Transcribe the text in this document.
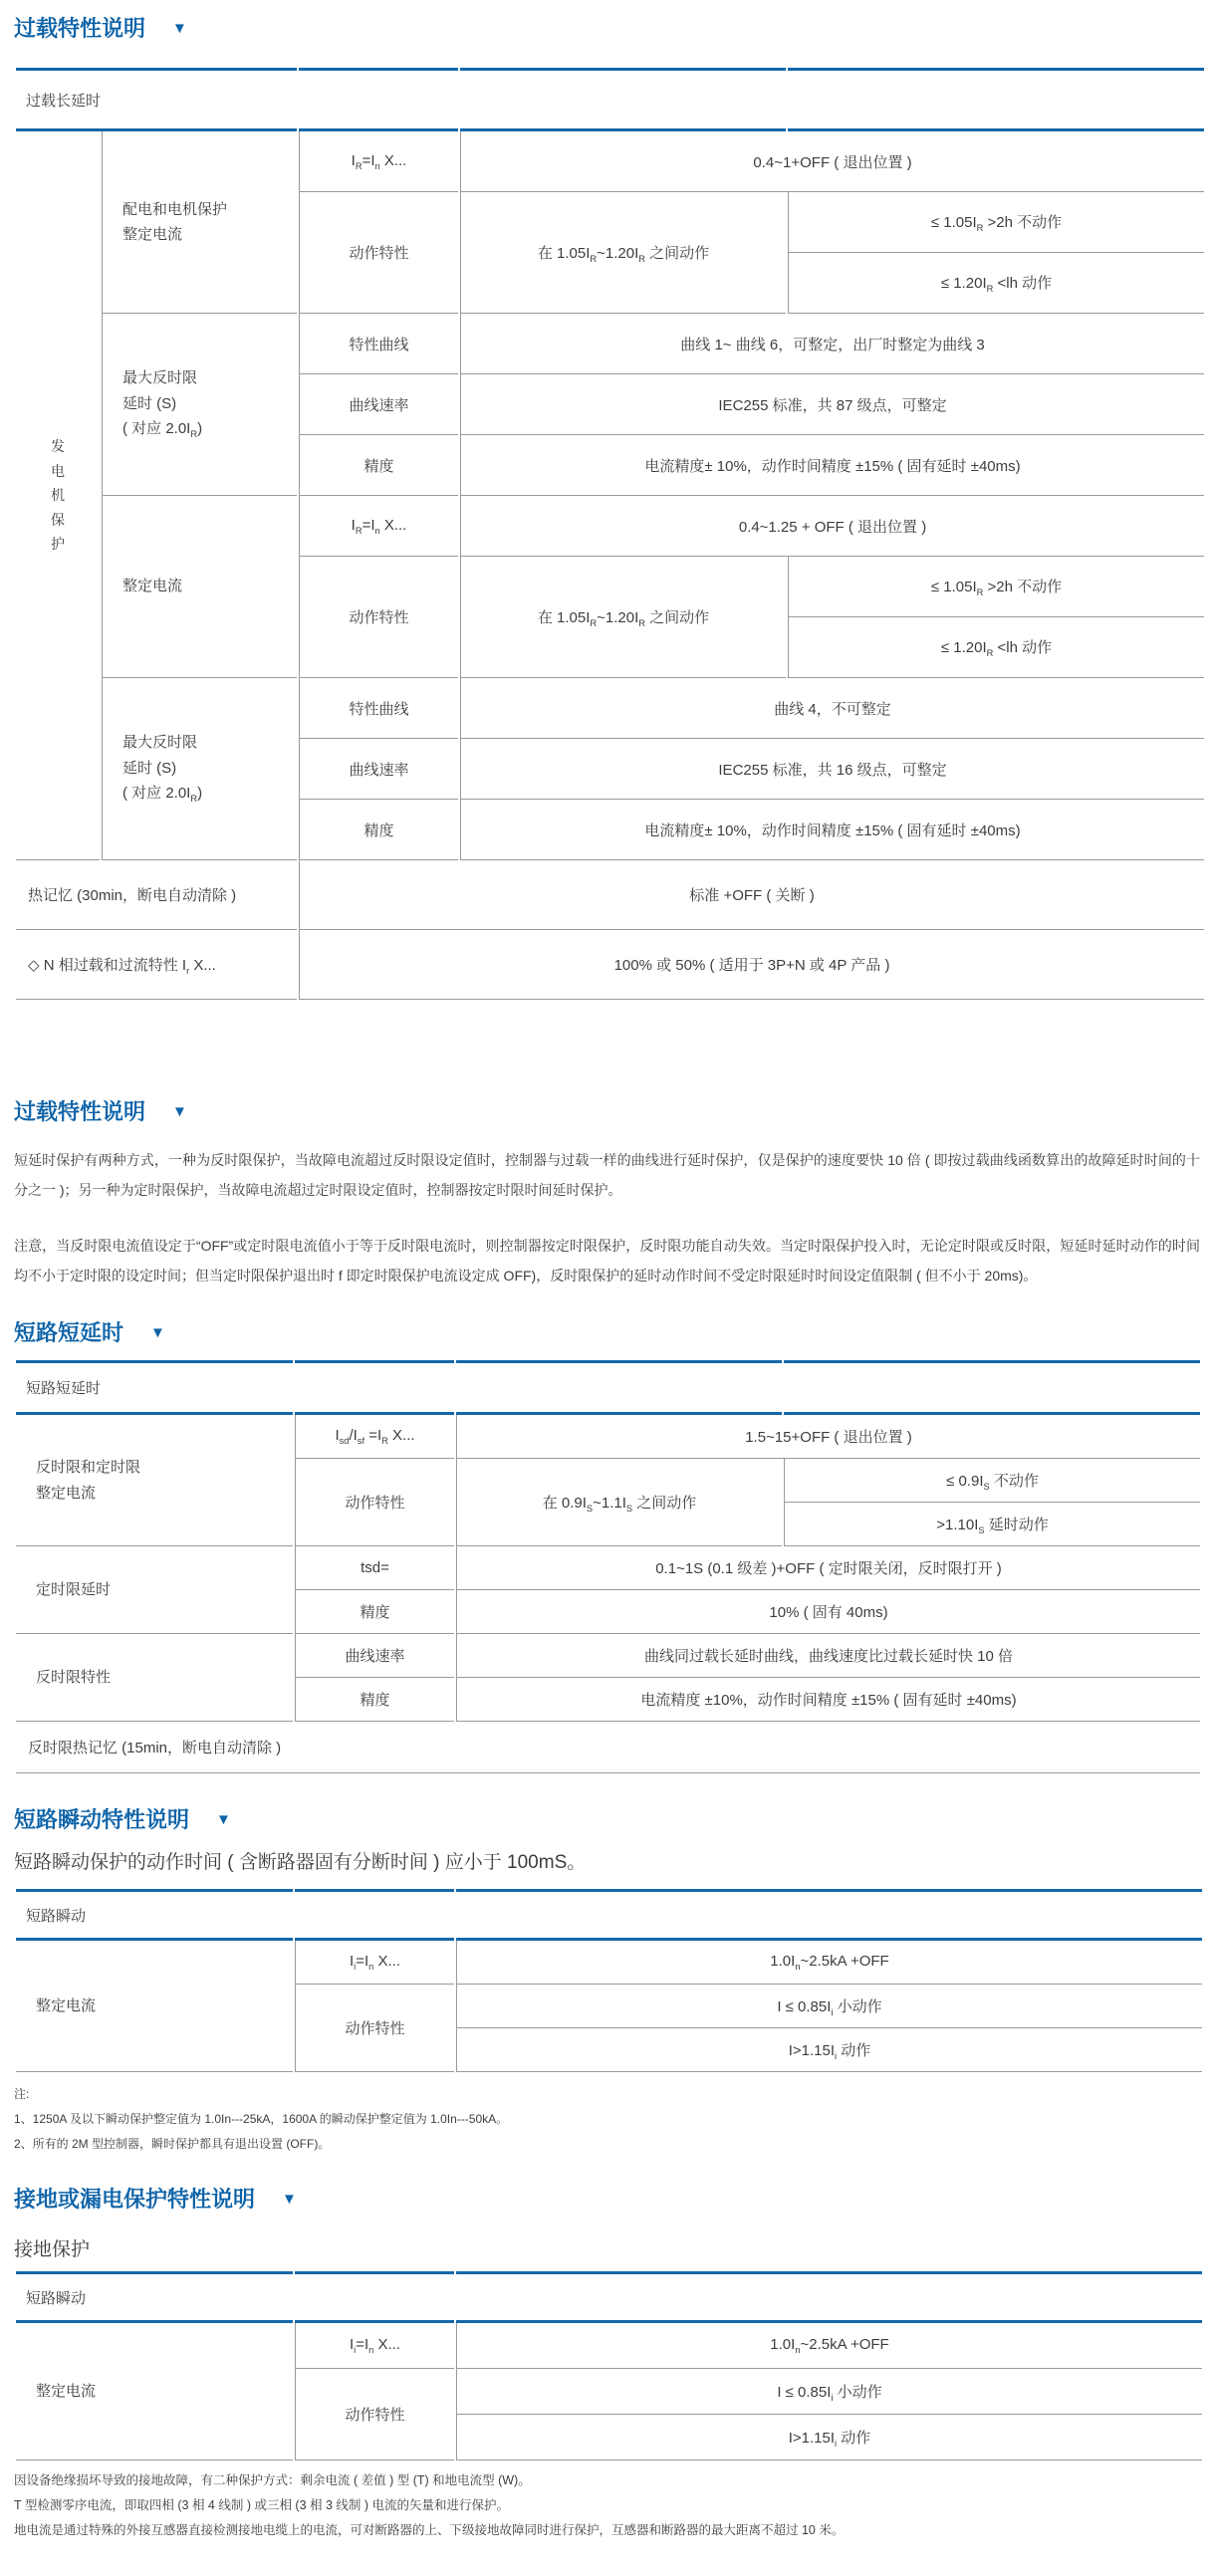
过载特性说明 ▼
过载长延时				
发
电
机
保
护	配电和电机保护
整定电流	$I_R=I_n$ X...	0.4~1+OFF ( 退出位置 )	
		动作特性	在 $1.05I_R\sim 1.20I_R$ 之间动作	≤ $1.05I_R >2h$ 不动作
				≤ $1.20I_R <lh$ 动作
	最大反时限
延时 (S)
( 对应 $2.0I_R$)	特性曲线	曲线 1~ 曲线 6，可整定，出厂时整定为曲线 3	
		曲线速率	IEC255 标准，共 87 级点，可整定	
		精度	电流精度± 10%，动作时间精度 ±15% ( 固有延时 ±40ms)	
	整定电流	$I_R=I_n$ X...	0.4~1.25 + OFF ( 退出位置 )	
		动作特性	在 $1.05I_R\sim 1.20I_R$ 之间动作	≤ $1.05I_R >2h$ 不动作
				≤ $1.20I_R <lh$ 动作
	最大反时限
延时 (S)
( 对应 $2.0I_R$)	特性曲线	曲线 4，不可整定	
		曲线速率	IEC255 标准，共 16 级点，可整定	
		精度	电流精度± 10%，动作时间精度 ±15% ( 固有延时 ±40ms)	
热记忆 (30min，断电自动清除 )		标准 +OFF ( 关断 )		
◇ N 相过载和过流特性 $I_r$ X...		100% 或 50% ( 适用于 3P+N 或 4P 产品 )		
过载特性说明 ▼

短延时保护有两种方式，一种为反时限保护，当故障电流超过反时限设定值时，控制器与过载一样的曲线进行延时保护，仅是保护的速度要快 10 倍 ( 即按过载曲线函数算出的故障延时时间的十分之一 )；另一种为定时限保护，当故障电流超过定时限设定值时，控制器按定时限时间延时保护。

注意，当反时限电流值设定于“OFF”或定时限电流值小于等于反时限电流时，则控制器按定时限保护，反时限功能自动失效。当定时限保护投入时，无论定时限或反时限，短延时延时动作的时间均不小于定时限的设定时间；但当定时限保护退出时 f 即定时限保护电流设定成 OFF)，反时限保护的延时动作时间不受定时限延时时间设定值限制 ( 但不小于 20ms)。

短路短延时 ▼
短路短延时			
反时限和定时限
整定电流	$I_{sd}/I_{sf} =I_R$ X...	1.5~15+OFF ( 退出位置 )	
	动作特性	在 $0.9I_S\sim 1.1I_S$ 之间动作	≤ $0.9I_S$ 不动作
			$>1.10I_S$ 延时动作
定时限延时	tsd=	0.1~1S (0.1 级差 )+OFF ( 定时限关闭，反时限打开 )	
	精度	10% ( 固有 40ms)	
反时限特性	曲线速率	曲线同过载长延时曲线，曲线速度比过载长延时快 10 倍	
	精度	电流精度 ±10%，动作时间精度 ±15% ( 固有延时 ±40ms)	
反时限热记忆 (15min，断电自动清除 )			
短路瞬动特性说明 ▼

短路瞬动保护的动作时间 ( 含断路器固有分断时间 ) 应小于 100mS。

短路瞬动		
整定电流	$I_i=I_n$ X...	$1.0I_n\sim 2.5kA +OFF$
	动作特性	$I \le 0.85I_i$ 小动作
		$I>1.15I_i$ 动作

注:

1、1250A 及以下瞬动保护整定值为 1.0In---25kA，1600A 的瞬动保护整定值为 1.0In---50kA。

2、所有的 2M 型控制器，瞬时保护都具有退出设置 (OFF)。

接地或漏电保护特性说明 ▼

接地保护

短路瞬动		
整定电流	$I_i=I_n$ X...	$1.0I_n\sim 2.5kA +OFF$
	动作特性	$I \le 0.85I_i$ 小动作
		$I>1.15I_i$ 动作

因设备绝缘损坏导致的接地故障，有二种保护方式：剩余电流 ( 差值 ) 型 (T) 和地电流型 (W)。

T 型检测零序电流，即取四相 (3 相 4 线制 ) 或三相 (3 相 3 线制 ) 电流的矢量和进行保护。

地电流是通过特殊的外接互感器直接检测接地电缆上的电流，可对断路器的上、下级接地故障同时进行保护，互感器和断路器的最大距离不超过 10 米。
